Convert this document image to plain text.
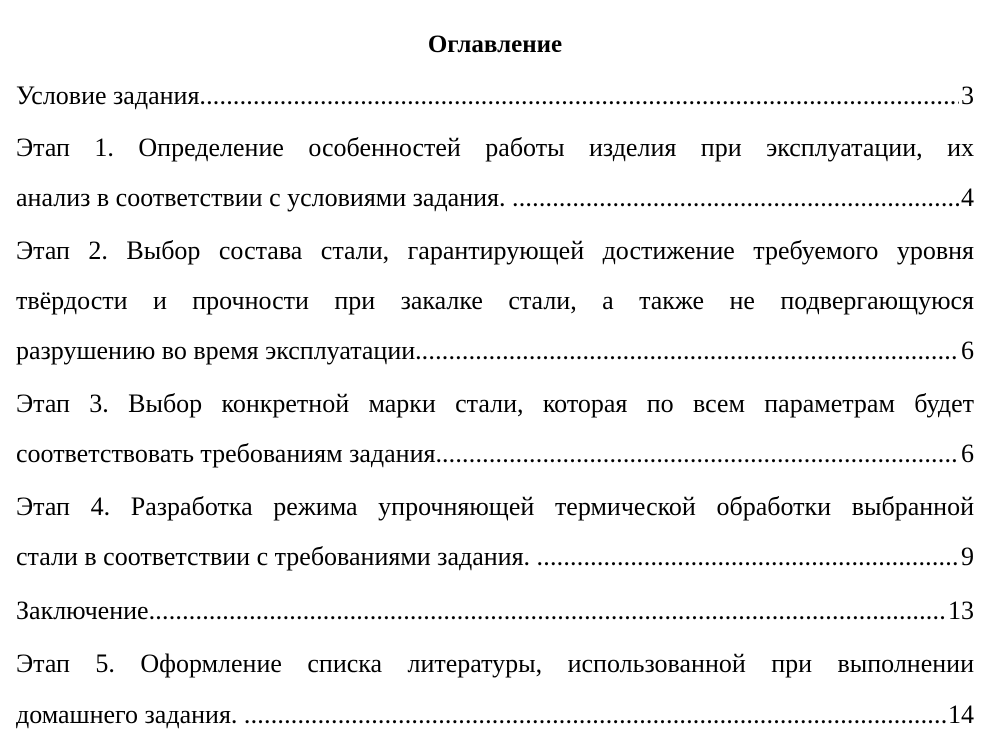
Оглавление
Условие задания .....	3
Этап 1. Определение особенностей работы изделия при эксплуатации, их
анализ в соответствии с условиями задания. .....	4
Этап 2. Выбор состава стали, гарантирующей достижение требуемого уровня
твёрдости и прочности при закалке стали, а также не подвергающуюся
разрушению во время эксплуатации. .....	6
Этап 3. Выбор конкретной марки стали, которая по всем параметрам будет
соответствовать требованиям задания. .....	6
Этап 4. Разработка режима упрочняющей термической обработки выбранной
стали в соответствии с требованиями задания. .....	9
Заключение .....	13
Этап 5. Оформление списка литературы, использованной при выполнении
домашнего задания. .....	14
